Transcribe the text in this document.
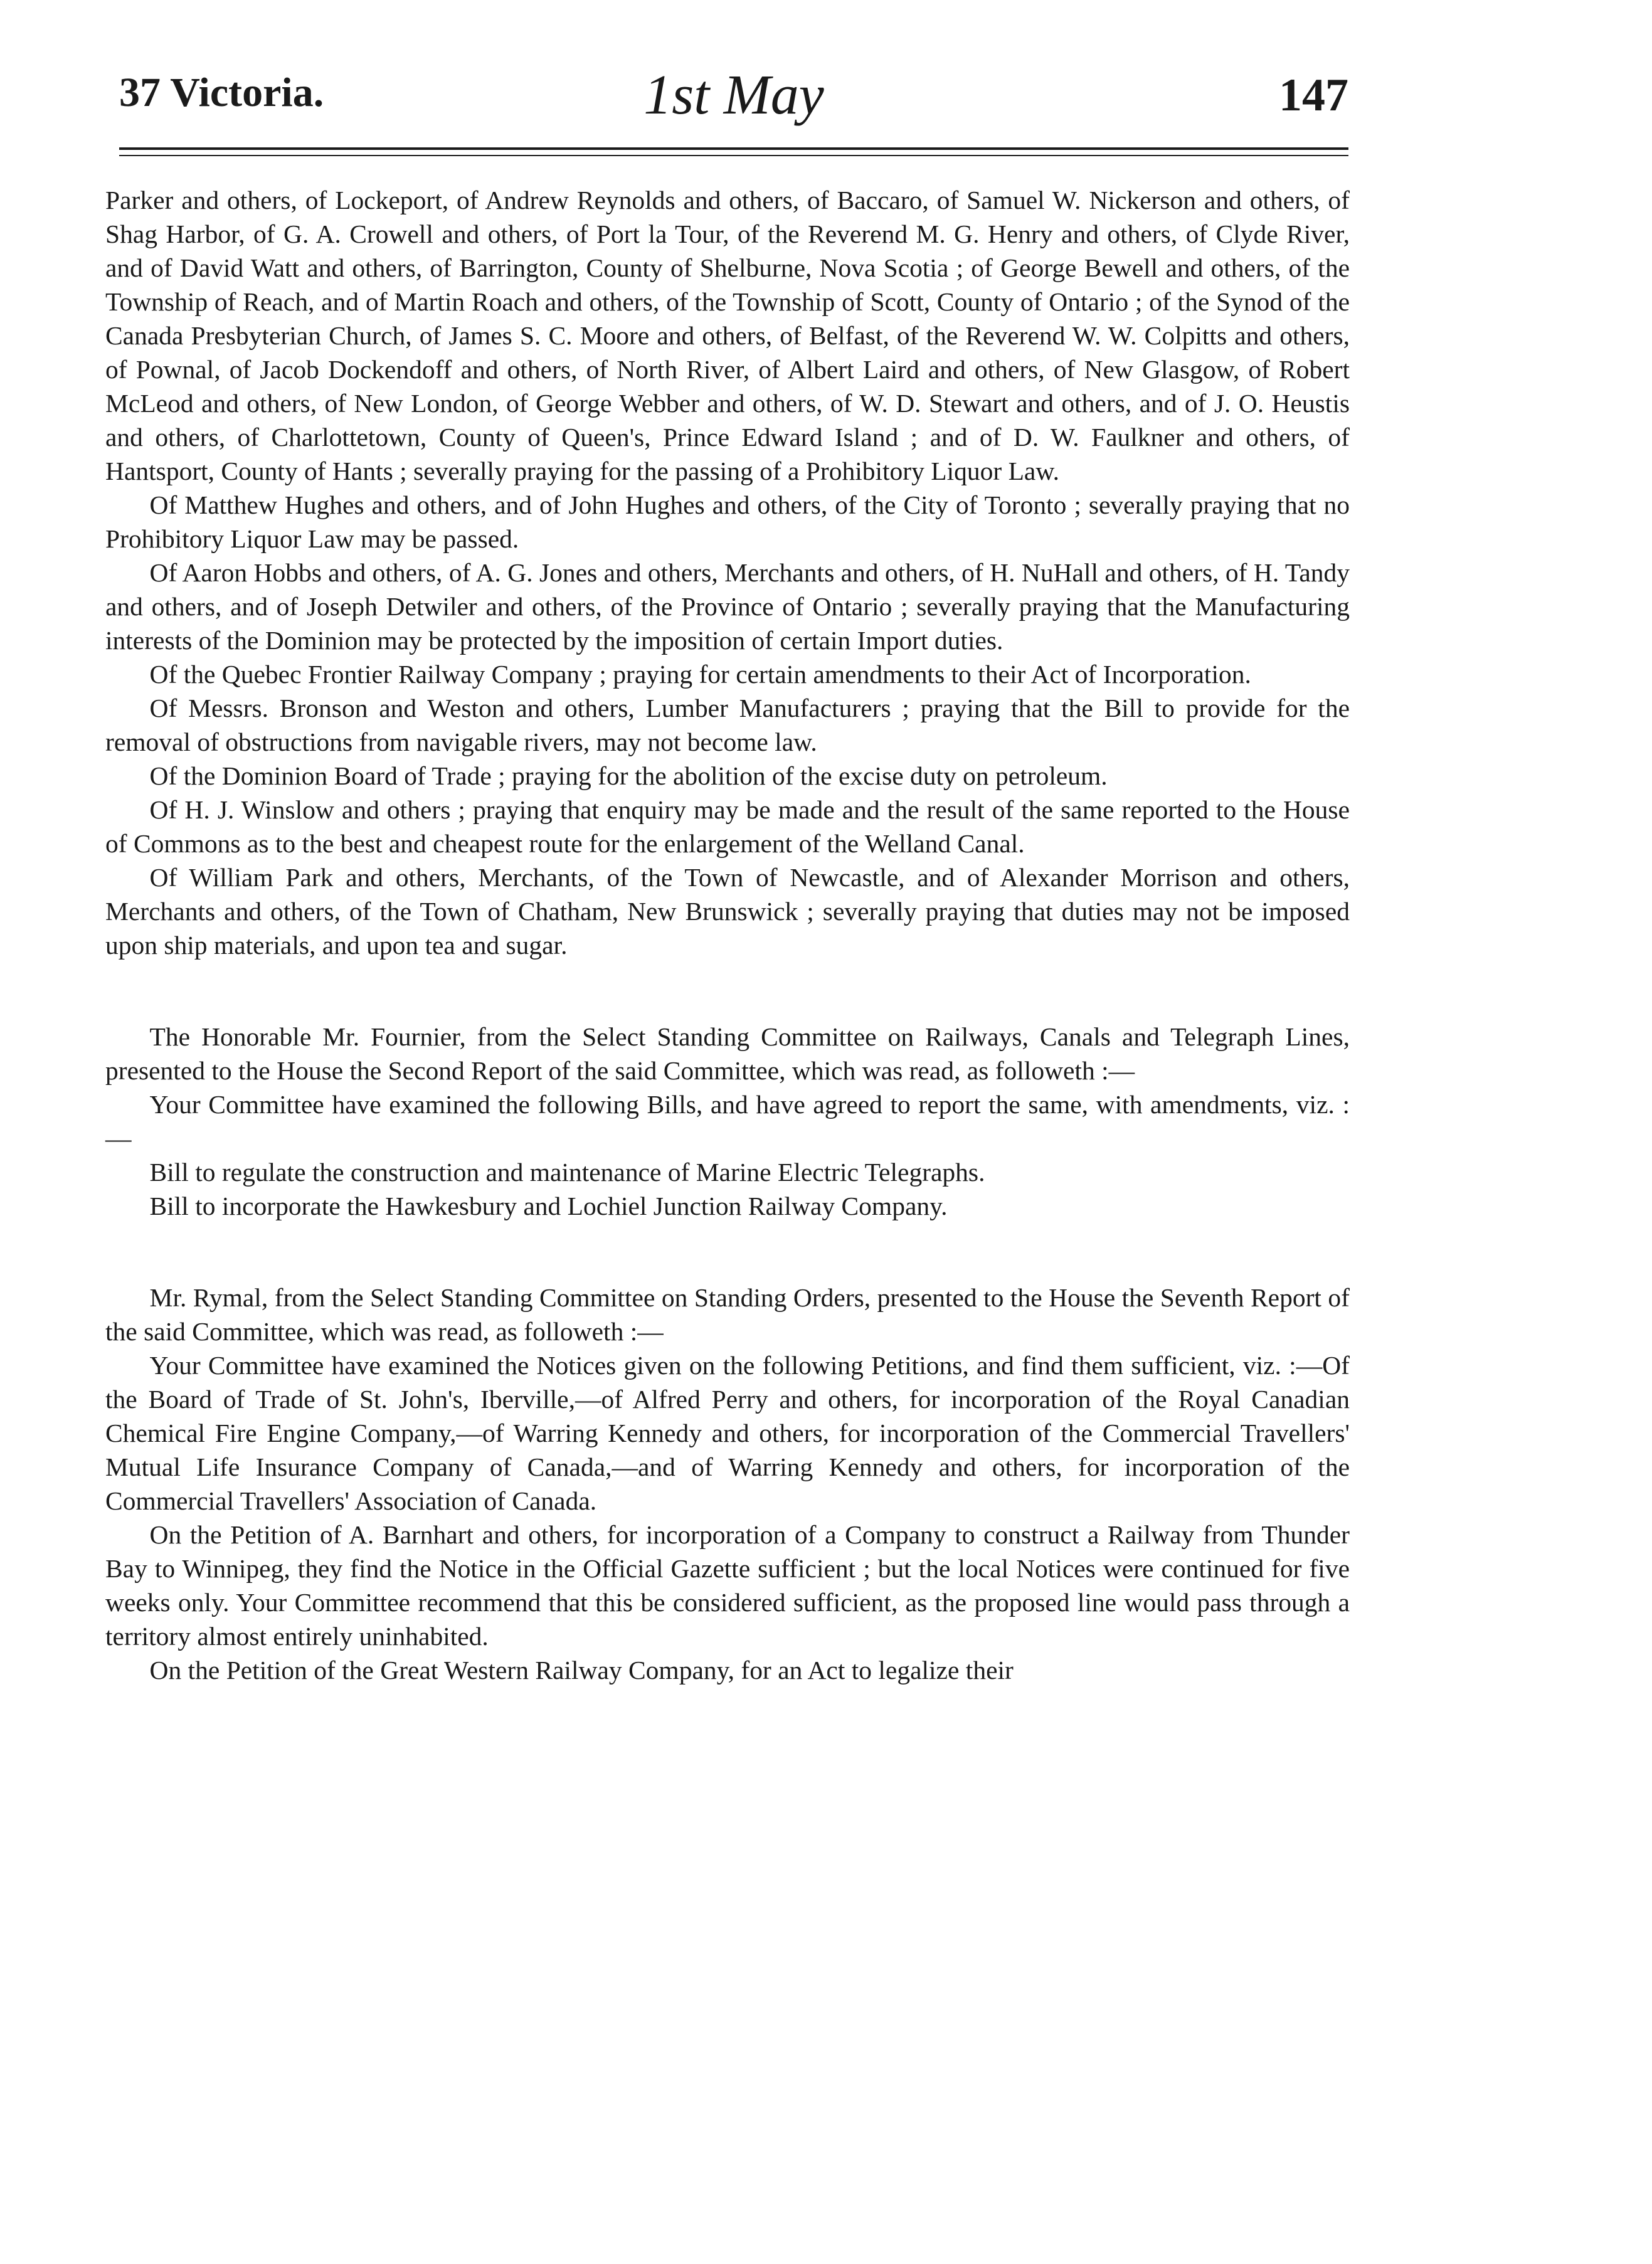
37 Victoria.	1st May	147

Parker and others, of Lockeport, of Andrew Reynolds and others, of Baccaro, of Samuel W. Nickerson and others, of Shag Harbor, of G. A. Crowell and others, of Port la Tour, of the Reverend M. G. Henry and others, of Clyde River, and of David Watt and others, of Barrington, County of Shelburne, Nova Scotia ; of George Bewell and others, of the Township of Reach, and of Martin Roach and others, of the Township of Scott, County of Ontario ; of the Synod of the Canada Presbyterian Church, of James S. C. Moore and others, of Belfast, of the Reverend W. W. Colpitts and others, of Pownal, of Jacob Dockendoff and others, of North River, of Albert Laird and others, of New Glasgow, of Robert McLeod and others, of New London, of George Webber and others, of W. D. Stewart and others, and of J. O. Heustis and others, of Charlottetown, County of Queen's, Prince Edward Island ; and of D. W. Faulkner and others, of Hantsport, County of Hants ; severally praying for the passing of a Prohibitory Liquor Law.

Of Matthew Hughes and others, and of John Hughes and others, of the City of Toronto ; severally praying that no Prohibitory Liquor Law may be passed.

Of Aaron Hobbs and others, of A. G. Jones and others, Merchants and others, of H. NuHall and others, of H. Tandy and others, and of Joseph Detwiler and others, of the Province of Ontario ; severally praying that the Manufacturing interests of the Dominion may be protected by the imposition of certain Import duties.

Of the Quebec Frontier Railway Company ; praying for certain amendments to their Act of Incorporation.

Of Messrs. Bronson and Weston and others, Lumber Manufacturers ; praying that the Bill to provide for the removal of obstructions from navigable rivers, may not become law.

Of the Dominion Board of Trade ; praying for the abolition of the excise duty on petroleum.

Of H. J. Winslow and others ; praying that enquiry may be made and the result of the same reported to the House of Commons as to the best and cheapest route for the enlargement of the Welland Canal.

Of William Park and others, Merchants, of the Town of Newcastle, and of Alexander Morrison and others, Merchants and others, of the Town of Chatham, New Brunswick ; severally praying that duties may not be imposed upon ship materials, and upon tea and sugar.

The Honorable Mr. Fournier, from the Select Standing Committee on Railways, Canals and Telegraph Lines, presented to the House the Second Report of the said Committee, which was read, as followeth :—

Your Committee have examined the following Bills, and have agreed to report the same, with amendments, viz. :—

Bill to regulate the construction and maintenance of Marine Electric Telegraphs.

Bill to incorporate the Hawkesbury and Lochiel Junction Railway Company.

Mr. Rymal, from the Select Standing Committee on Standing Orders, presented to the House the Seventh Report of the said Committee, which was read, as followeth :—

Your Committee have examined the Notices given on the following Petitions, and find them sufficient, viz. :—Of the Board of Trade of St. John's, Iberville,—of Alfred Perry and others, for incorporation of the Royal Canadian Chemical Fire Engine Company,—of Warring Kennedy and others, for incorporation of the Commercial Travellers' Mutual Life Insurance Company of Canada,—and of Warring Kennedy and others, for incorporation of the Commercial Travellers' Association of Canada.

On the Petition of A. Barnhart and others, for incorporation of a Company to construct a Railway from Thunder Bay to Winnipeg, they find the Notice in the Official Gazette sufficient ; but the local Notices were continued for five weeks only. Your Committee recommend that this be considered sufficient, as the proposed line would pass through a territory almost entirely uninhabited.

On the Petition of the Great Western Railway Company, for an Act to legalize their
